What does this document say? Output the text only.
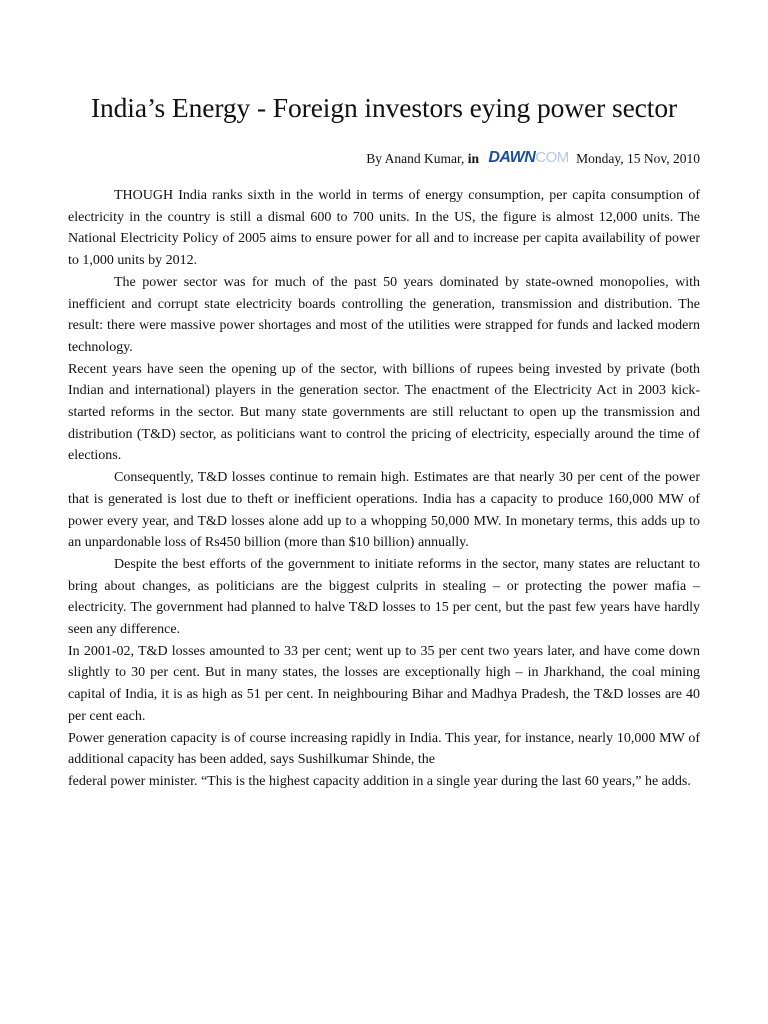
India’s Energy - Foreign investors eying power sector
By Anand Kumar, in DAWNCOM Monday, 15 Nov, 2010

THOUGH India ranks sixth in the world in terms of energy consumption, per capita consumption of electricity in the country is still a dismal 600 to 700 units. In the US, the figure is almost 12,000 units. The National Electricity Policy of 2005 aims to ensure power for all and to increase per capita availability of power to 1,000 units by 2012.

The power sector was for much of the past 50 years dominated by state-owned monopolies, with inefficient and corrupt state electricity boards controlling the generation, transmission and distribution. The result: there were massive power shortages and most of the utilities were strapped for funds and lacked modern technology.

Recent years have seen the opening up of the sector, with billions of rupees being invested by private (both Indian and international) players in the generation sector. The enactment of the Electricity Act in 2003 kick-started reforms in the sector. But many state governments are still reluctant to open up the transmission and distribution (T&D) sector, as politicians want to control the pricing of electricity, especially around the time of elections.

Consequently, T&D losses continue to remain high. Estimates are that nearly 30 per cent of the power that is generated is lost due to theft or inefficient operations. India has a capacity to produce 160,000 MW of power every year, and T&D losses alone add up to a whopping 50,000 MW. In monetary terms, this adds up to an unpardonable loss of Rs450 billion (more than $10 billion) annually.

Despite the best efforts of the government to initiate reforms in the sector, many states are reluctant to bring about changes, as politicians are the biggest culprits in stealing – or protecting the power mafia – electricity. The government had planned to halve T&D losses to 15 per cent, but the past few years have hardly seen any difference.

In 2001-02, T&D losses amounted to 33 per cent; went up to 35 per cent two years later, and have come down slightly to 30 per cent. But in many states, the losses are exceptionally high – in Jharkhand, the coal mining capital of India, it is as high as 51 per cent. In neighbouring Bihar and Madhya Pradesh, the T&D losses are 40 per cent each.

Power generation capacity is of course increasing rapidly in India. This year, for instance, nearly 10,000 MW of additional capacity has been added, says Sushilkumar Shinde, the

federal power minister. “This is the highest capacity addition in a single year during the last 60 years,” he adds.
